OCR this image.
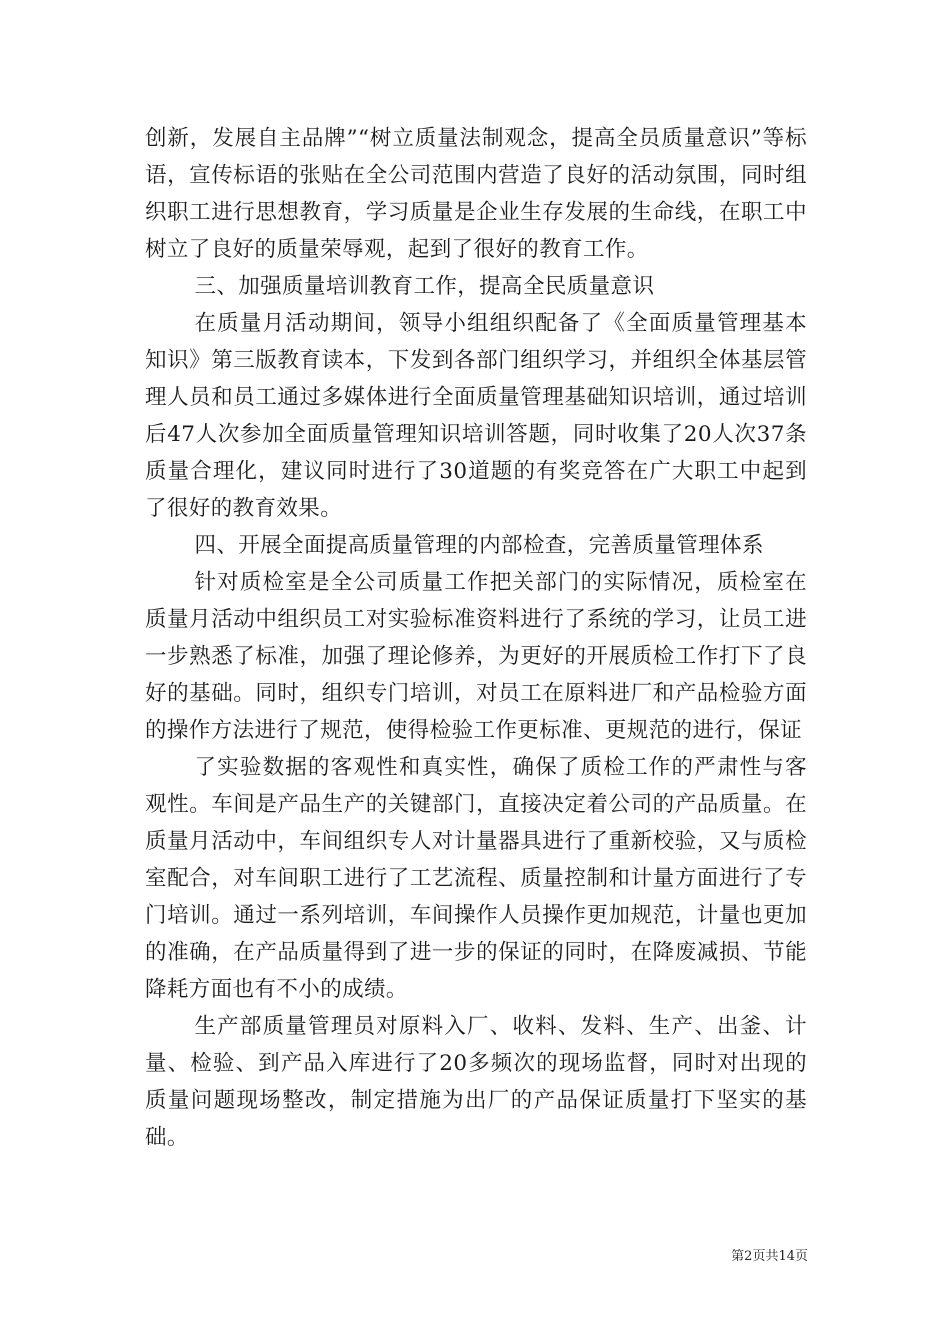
创新，发展自主品牌”“树立质量法制观念，提高全员质量意识”等标语，宣传标语的张贴在全公司范围内营造了良好的活动氛围，同时组织职工进行思想教育，学习质量是企业生存发展的生命线，在职工中树立了良好的质量荣辱观，起到了很好的教育工作。

三、加强质量培训教育工作，提高全民质量意识

在质量月活动期间，领导小组组织配备了《全面质量管理基本知识》第三版教育读本，下发到各部门组织学习，并组织全体基层管理人员和员工通过多媒体进行全面质量管理基础知识培训，通过培训后47人次参加全面质量管理知识培训答题，同时收集了20人次37条质量合理化，建议同时进行了30道题的有奖竞答在广大职工中起到了很好的教育效果。

四、开展全面提高质量管理的内部检查，完善质量管理体系

针对质检室是全公司质量工作把关部门的实际情况，质检室在质量月活动中组织员工对实验标准资料进行了系统的学习，让员工进一步熟悉了标准，加强了理论修养，为更好的开展质检工作打下了良好的基础。同时，组织专门培训，对员工在原料进厂和产品检验方面的操作方法进行了规范，使得检验工作更标准、更规范的进行，保证

了实验数据的客观性和真实性，确保了质检工作的严肃性与客观性。车间是产品生产的关键部门，直接决定着公司的产品质量。在质量月活动中，车间组织专人对计量器具进行了重新校验，又与质检室配合，对车间职工进行了工艺流程、质量控制和计量方面进行了专门培训。通过一系列培训，车间操作人员操作更加规范，计量也更加的准确，在产品质量得到了进一步的保证的同时，在降废减损、节能降耗方面也有不小的成绩。

生产部质量管理员对原料入厂、收料、发料、生产、出釜、计量、检验、到产品入库进行了20多频次的现场监督，同时对出现的质量问题现场整改，制定措施为出厂的产品保证质量打下坚实的基础。

第2页共14页
